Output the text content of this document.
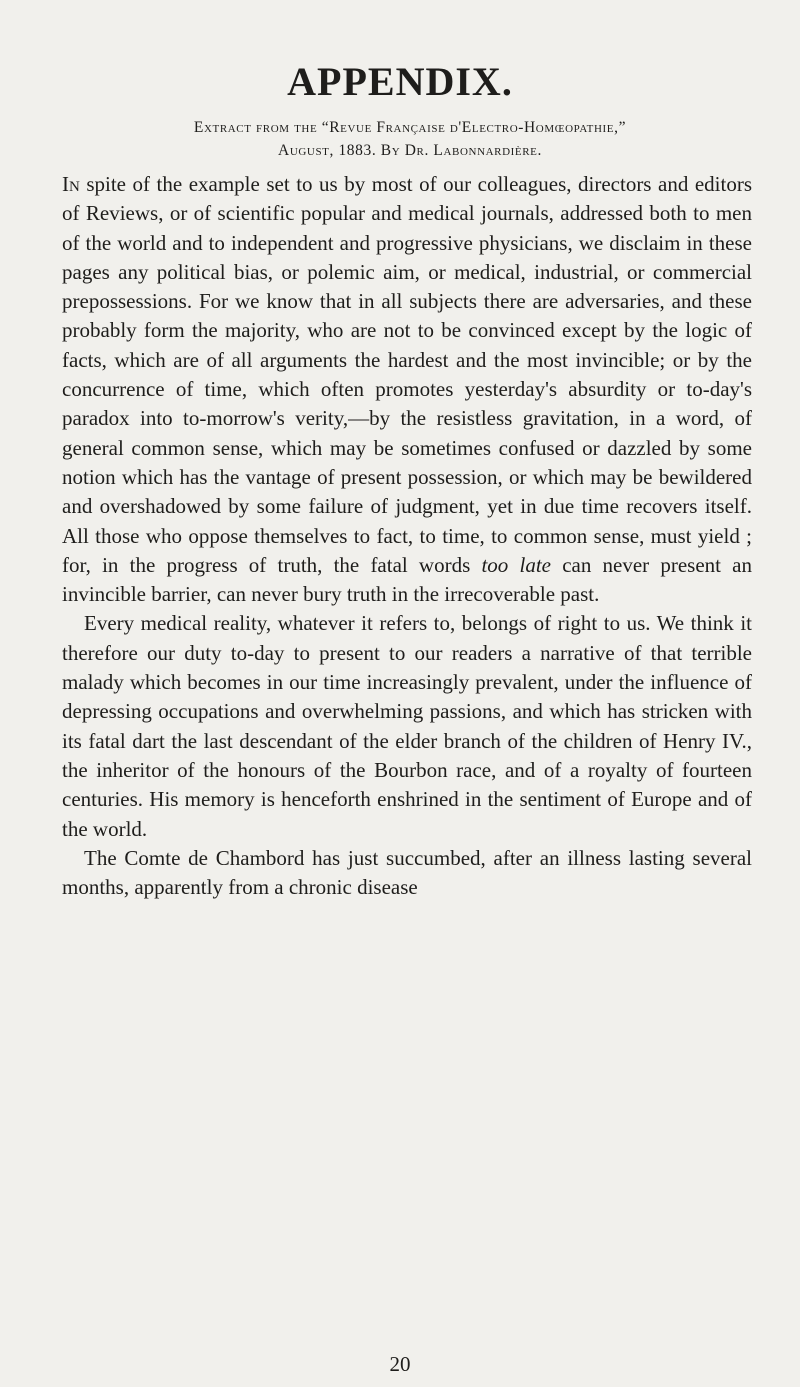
APPENDIX.
Extract from the “Revue Française d'Electro-Homœopathie,”
August, 1883. By Dr. Labonnardière.

In spite of the example set to us by most of our colleagues, directors and editors of Reviews, or of scientific popular and medical journals, addressed both to men of the world and to independent and progressive physicians, we disclaim in these pages any political bias, or polemic aim, or medical, industrial, or commercial prepossessions. For we know that in all subjects there are adversaries, and these probably form the majority, who are not to be convinced except by the logic of facts, which are of all arguments the hardest and the most invincible; or by the concurrence of time, which often promotes yesterday's absurdity or to-day's paradox into to-morrow's verity,—by the resistless gravitation, in a word, of general common sense, which may be sometimes confused or dazzled by some notion which has the vantage of present possession, or which may be bewildered and overshadowed by some failure of judgment, yet in due time recovers itself. All those who oppose themselves to fact, to time, to common sense, must yield ; for, in the progress of truth, the fatal words too late can never present an invincible barrier, can never bury truth in the irrecoverable past.

Every medical reality, whatever it refers to, belongs of right to us. We think it therefore our duty to-day to present to our readers a narrative of that terrible malady which becomes in our time increasingly prevalent, under the influence of depressing occupations and overwhelming passions, and which has stricken with its fatal dart the last descendant of the elder branch of the children of Henry IV., the inheritor of the honours of the Bourbon race, and of a royalty of fourteen centuries. His memory is henceforth enshrined in the sentiment of Europe and of the world.

The Comte de Chambord has just succumbed, after an illness lasting several months, apparently from a chronic disease

20
